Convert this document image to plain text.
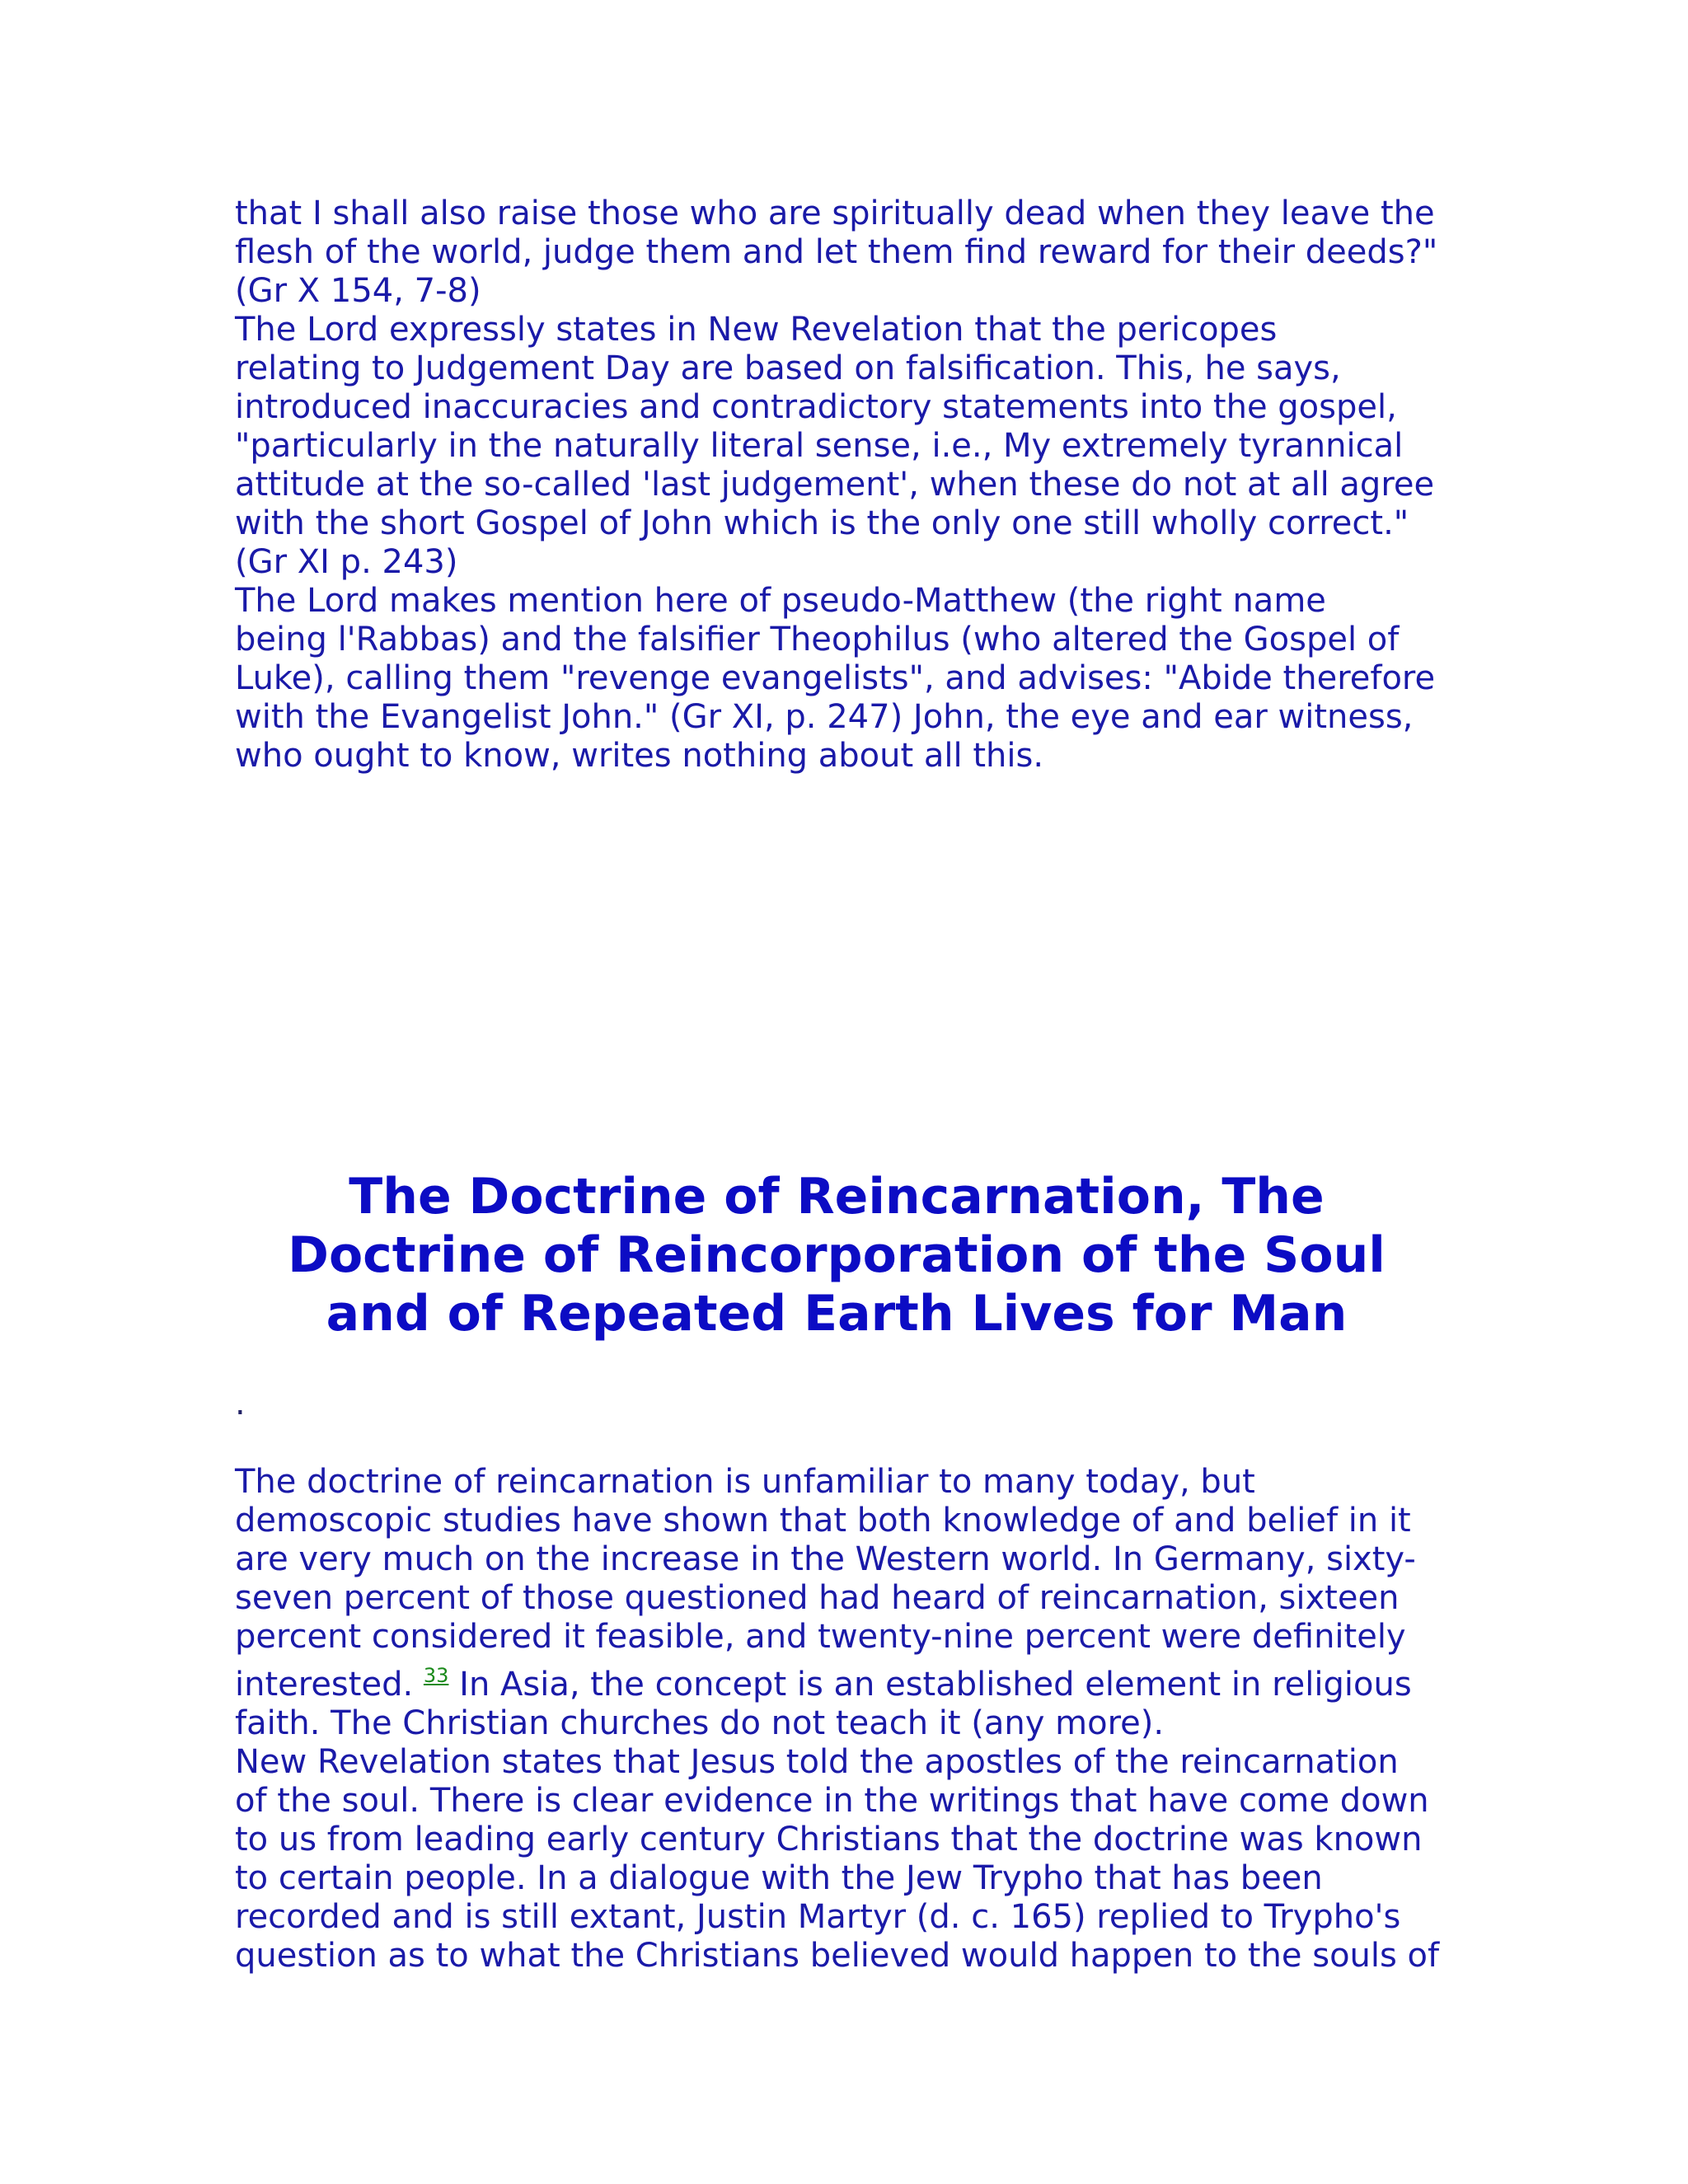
that I shall also raise those who are spiritually dead when they leave the
flesh of the world, judge them and let them find reward for their deeds?"
(Gr X 154, 7-8)
The Lord expressly states in New Revelation that the pericopes
relating to Judgement Day are based on falsification. This, he says,
introduced inaccuracies and contradictory statements into the gospel,
"particularly in the naturally literal sense, i.e., My extremely tyrannical
attitude at the so-called 'last judgement', when these do not at all agree
with the short Gospel of John which is the only one still wholly correct."
(Gr XI p. 243)
The Lord makes mention here of pseudo-Matthew (the right name
being l'Rabbas) and the falsifier Theophilus (who altered the Gospel of
Luke), calling them "revenge evangelists", and advises: "Abide therefore
with the Evangelist John." (Gr XI, p. 247) John, the eye and ear witness,
who ought to know, writes nothing about all this.
The Doctrine of Reincarnation, The
Doctrine of Reincorporation of the Soul
and of Repeated Earth Lives for Man
.
The doctrine of reincarnation is unfamiliar to many today, but
demoscopic studies have shown that both knowledge of and belief in it
are very much on the increase in the Western world. In Germany, sixty-
seven percent of those questioned had heard of reincarnation, sixteen
percent considered it feasible, and twenty-nine percent were definitely
interested. $^{33}$ In Asia, the concept is an established element in religious
faith. The Christian churches do not teach it (any more).
New Revelation states that Jesus told the apostles of the reincarnation
of the soul. There is clear evidence in the writings that have come down
to us from leading early century Christians that the doctrine was known
to certain people. In a dialogue with the Jew Trypho that has been
recorded and is still extant, Justin Martyr (d. c. 165) replied to Trypho's
question as to what the Christians believed would happen to the souls of
